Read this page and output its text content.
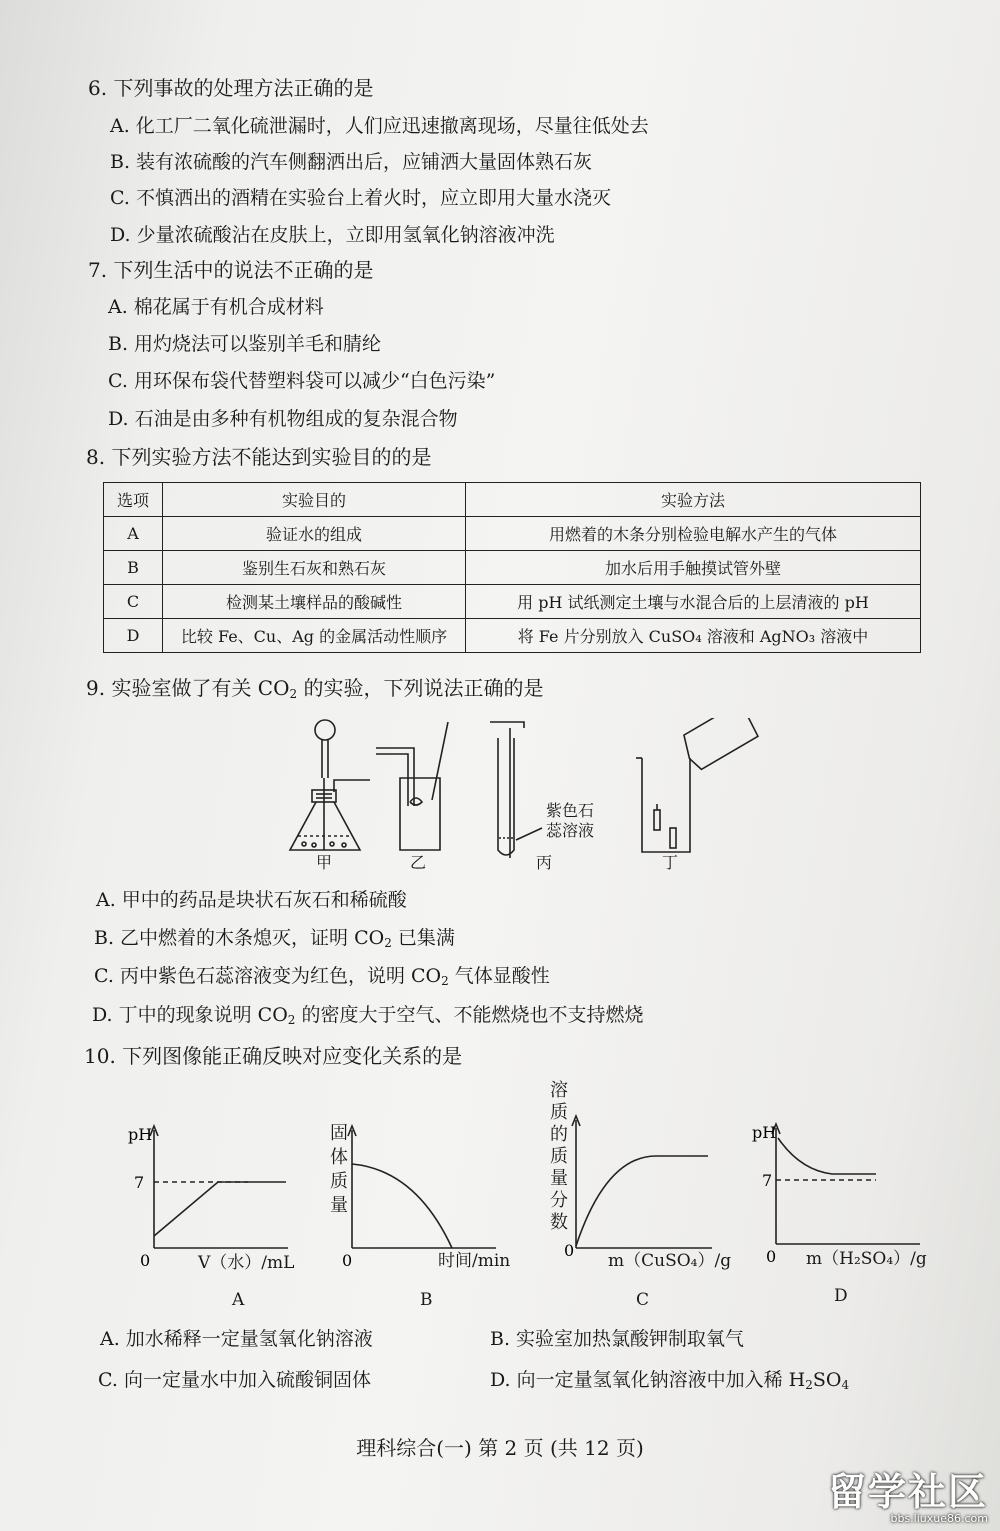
6. 下列事故的处理方法正确的是
A. 化工厂二氧化硫泄漏时，人们应迅速撤离现场，尽量往低处去
B. 装有浓硫酸的汽车侧翻洒出后，应铺洒大量固体熟石灰
C. 不慎洒出的酒精在实验台上着火时，应立即用大量水浇灭
D. 少量浓硫酸沾在皮肤上，立即用氢氧化钠溶液冲洗
7. 下列生活中的说法不正确的是
A. 棉花属于有机合成材料
B. 用灼烧法可以鉴别羊毛和腈纶
C. 用环保布袋代替塑料袋可以减少“白色污染”
D. 石油是由多种有机物组成的复杂混合物
8. 下列实验方法不能达到实验目的的是
选项	实验目的	实验方法
A	验证水的组成	用燃着的木条分别检验电解水产生的气体
B	鉴别生石灰和熟石灰	加水后用手触摸试管外壁
C	检测某土壤样品的酸碱性	用 pH 试纸测定土壤与水混合后的上层清液的 pH
D	比较 Fe、Cu、Ag 的金属活动性顺序	将 Fe 片分别放入 CuSO₄ 溶液和 AgNO₃ 溶液中
9. 实验室做了有关 $CO_2$ 的实验，下列说法正确的是
甲	乙	丙	丁
紫色石
蕊溶液
A. 甲中的药品是块状石灰石和稀硫酸
B. 乙中燃着的木条熄灭，证明 $CO_2$ 已集满
C. 丙中紫色石蕊溶液变为红色，说明 $CO_2$ 气体显酸性
D. 丁中的现象说明 $CO_2$ 的密度大于空气、不能燃烧也不支持燃烧
10. 下列图像能正确反映对应变化关系的是
pH
7
0	V（水）/mL
A
0
固体质量
时间/min
B
0
溶质的质量分数
m（CuSO₄）/g
C
pH
7
0 m（H₂SO₄）/g
D
A. 加水稀释一定量氢氧化钠溶液	B. 实验室加热氯酸钾制取氧气
C. 向一定量水中加入硫酸铜固体	D. 向一定量氢氧化钠溶液中加入稀 $H_2SO_4$
理科综合(一) 第 2 页 (共 12 页)
留学社区
bbs.liuxue86.com
